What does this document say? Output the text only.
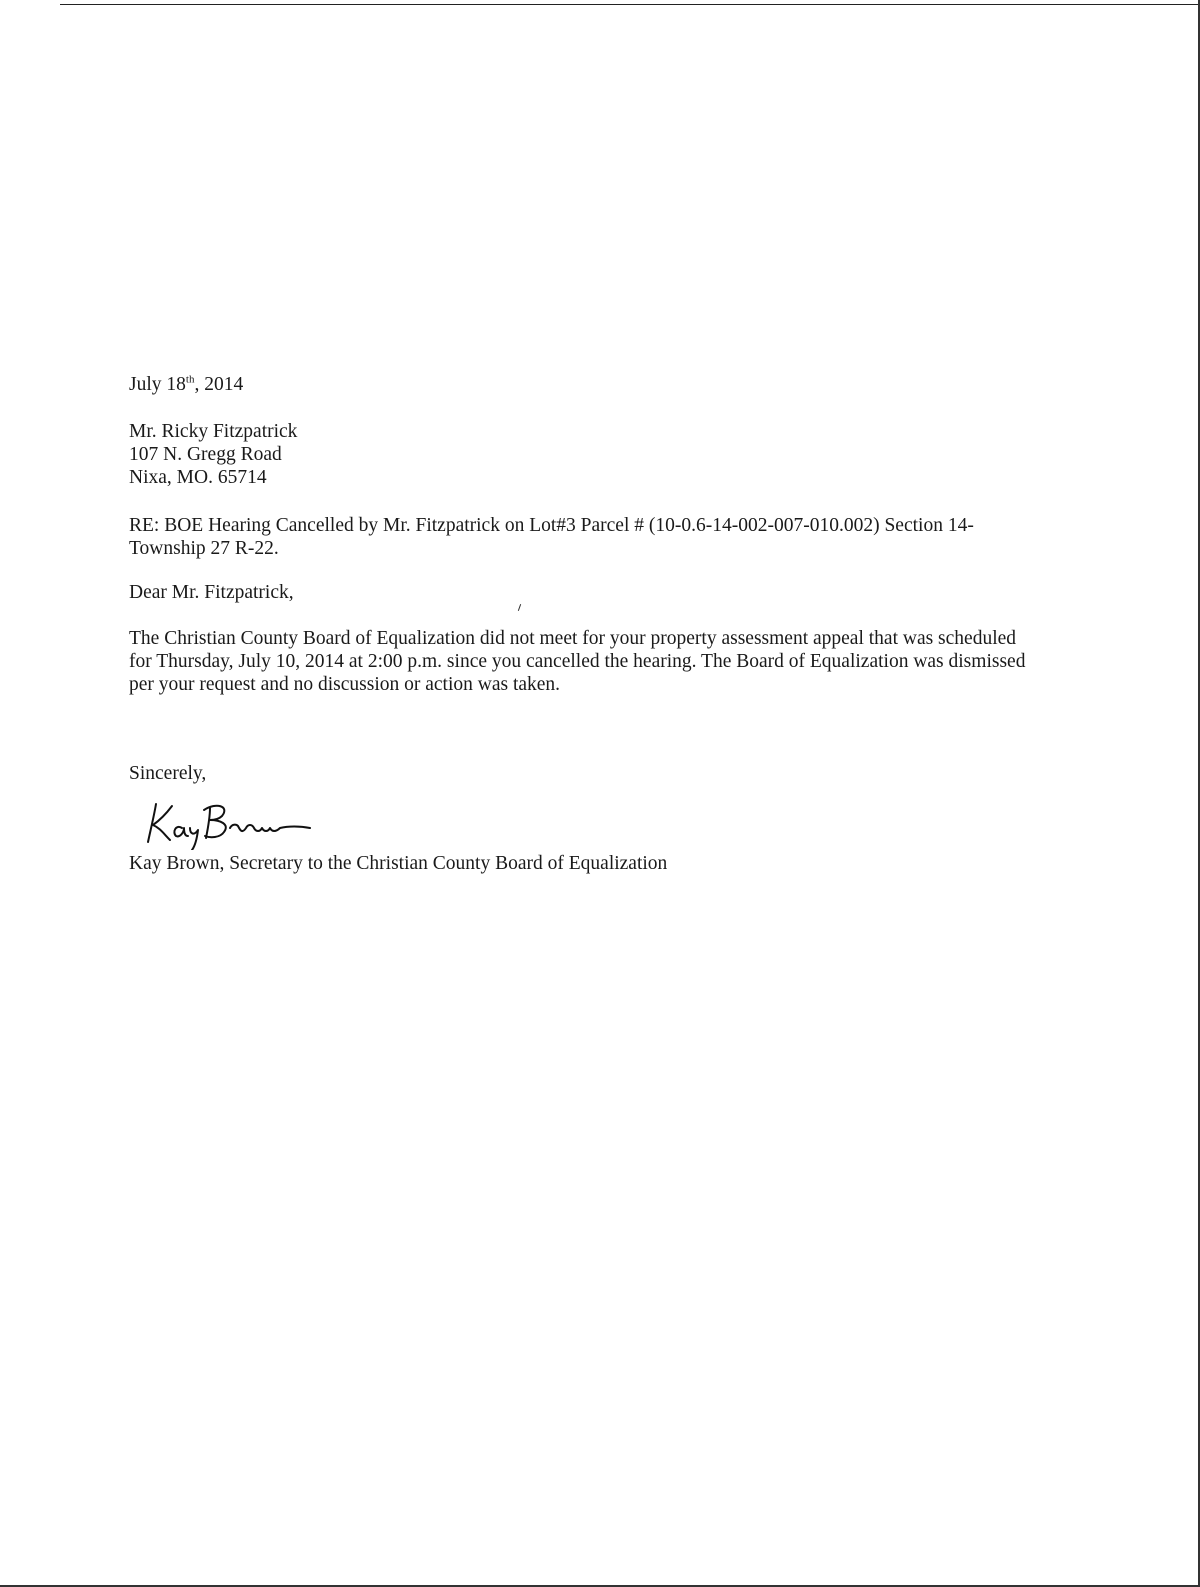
July 18th, 2014
Mr. Ricky Fitzpatrick
107 N. Gregg Road
Nixa, MO. 65714
RE: BOE Hearing Cancelled by Mr. Fitzpatrick on Lot#3 Parcel # (10-0.6-14-002-007-010.002) Section 14-
Township 27 R-22.
Dear Mr. Fitzpatrick,
The Christian County Board of Equalization did not meet for your property assessment appeal that was scheduled
for Thursday, July 10, 2014 at 2:00 p.m. since you cancelled the hearing. The Board of Equalization was dismissed
per your request and no discussion or action was taken.
Sincerely,
Kay Brown, Secretary to the Christian County Board of Equalization
